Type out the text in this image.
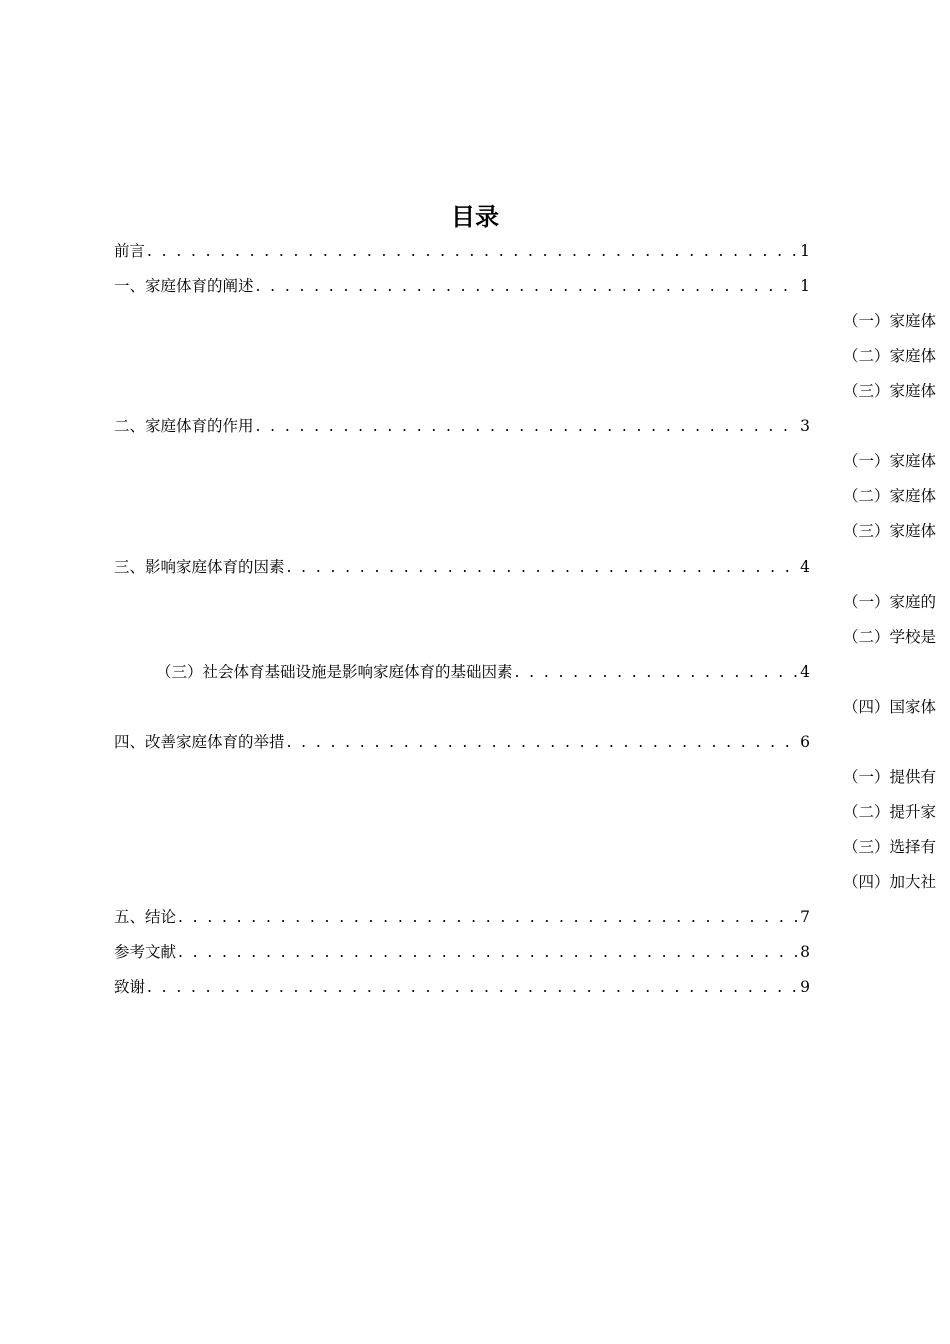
目录
前言 . . .	1
一、家庭体育的阐述 . . .	1
（一）家庭体
（二）家庭体
（三）家庭体
二、家庭体育的作用 . . .	3
（一）家庭体
（二）家庭体
（三）家庭体
三、影响家庭体育的因素 . . .	4
（一）家庭的
（二）学校是
（三）社会体育基础设施是影响家庭体育的基础因素 . . .	4
（四）国家体
四、改善家庭体育的举措 . . .	6
（一）提供有
（二）提升家
（三）选择有
（四）加大社
五、结论 . . .	7
参考文献 . . .	8
致谢 . . .	9
